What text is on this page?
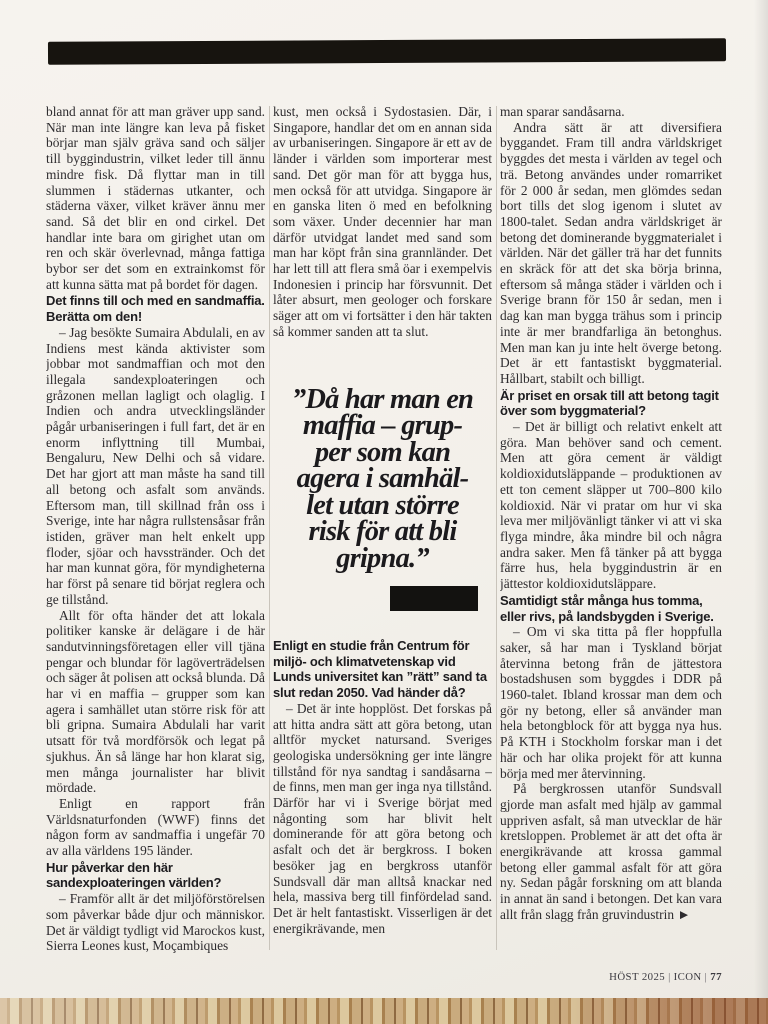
bland annat för att man gräver upp sand. När man inte längre kan leva på fisket börjar man själv gräva sand och säljer till byggindustrin, vilket leder till ännu mindre fisk. Då flyttar man in till slummen i städernas utkanter, och städerna växer, vilket kräver ännu mer sand. Så det blir en ond cirkel. Det handlar inte bara om girighet utan om ren och skär överlevnad, många fattiga bybor ser det som en extrainkomst för att kunna sätta mat på bordet för dagen.

Det finns till och med en sandmaffia. Berätta om den!

– Jag besökte Sumaira Abdulali, en av Indiens mest kända aktivister som jobbar mot sandmaffian och mot den illegala sandexploateringen och gråzonen mellan lagligt och olaglig. I Indien och andra utvecklingsländer pågår urbaniseringen i full fart, det är en enorm inflyttning till Mumbai, Bengaluru, New Delhi och så vidare. Det har gjort att man måste ha sand till all betong och asfalt som används. Eftersom man, till skillnad från oss i Sverige, inte har några rullstensåsar från istiden, gräver man helt enkelt upp floder, sjöar och havsstränder. Och det har man kunnat göra, för myndigheterna har först på senare tid börjat reglera och ge tillstånd.

Allt för ofta händer det att lokala politiker kanske är delägare i de här sandutvinningsföretagen eller vill tjäna pengar och blundar för lagöverträdelsen och säger åt polisen att också blunda. Då har vi en maffia – grupper som kan agera i samhället utan större risk för att bli gripna. Sumaira Abdulali har varit utsatt för två mordförsök och legat på sjukhus. Än så länge har hon klarat sig, men många journalister har blivit mördade.

Enligt en rapport från Världsnaturfonden (WWF) finns det någon form av sandmaffia i ungefär 70 av alla världens 195 länder.

Hur påverkar den här sandexploateringen världen?

– Framför allt är det miljöförstörelsen som påverkar både djur och människor. Det är väldigt tydligt vid Marockos kust, Sierra Leones kust, Moçambiques

kust, men också i Sydostasien. Där, i Singapore, handlar det om en annan sida av urbaniseringen. Singapore är ett av de länder i världen som importerar mest sand. Det gör man för att bygga hus, men också för att utvidga. Singapore är en ganska liten ö med en befolkning som växer. Under decennier har man därför utvidgat landet med sand som man har köpt från sina grannländer. Det har lett till att flera små öar i exempelvis Indonesien i princip har försvunnit. Det låter absurt, men geologer och forskare säger att om vi fortsätter i den här takten så kommer sanden att ta slut.

”Då har man en
maffia – grup-
per som kan
agera i samhäl-
let utan större
risk för att bli
gripna.”

Enligt en studie från Centrum för miljö- och klimatvetenskap vid Lunds universitet kan ”rätt” sand ta slut redan 2050. Vad händer då?

– Det är inte hopplöst. Det forskas på att hitta andra sätt att göra betong, utan alltför mycket natursand. Sveriges geologiska undersökning ger inte längre tillstånd för nya sandtag i sandåsarna – de finns, men man ger inga nya tillstånd. Därför har vi i Sverige börjat med någonting som har blivit helt dominerande för att göra betong och asfalt och det är bergkross. I boken besöker jag en bergkross utanför Sundsvall där man alltså knackar ned hela, massiva berg till finfördelad sand. Det är helt fantastiskt. Visserligen är det energikrävande, men

man sparar sandåsarna.

Andra sätt är att diversifiera byggandet. Fram till andra världskriget byggdes det mesta i världen av tegel och trä. Betong användes under romarriket för 2 000 år sedan, men glömdes sedan bort tills det slog igenom i slutet av 1800-talet. Sedan andra världskriget är betong det dominerande byggmaterialet i världen. När det gäller trä har det funnits en skräck för att det ska börja brinna, eftersom så många städer i världen och i Sverige brann för 150 år sedan, men i dag kan man bygga trähus som i princip inte är mer brandfarliga än betonghus. Men man kan ju inte helt överge betong. Det är ett fantastiskt byggmaterial. Hållbart, stabilt och billigt.

Är priset en orsak till att betong tagit över som byggmaterial?

– Det är billigt och relativt enkelt att göra. Man behöver sand och cement. Men att göra cement är väldigt koldioxidutsläppande – produktionen av ett ton cement släpper ut 700–800 kilo koldioxid. När vi pratar om hur vi ska leva mer miljövänligt tänker vi att vi ska flyga mindre, åka mindre bil och några andra saker. Men få tänker på att bygga färre hus, hela byggindustrin är en jättestor koldioxidutsläppare.

Samtidigt står många hus tomma, eller rivs, på landsbygden i Sverige.

– Om vi ska titta på fler hoppfulla saker, så har man i Tyskland börjat återvinna betong från de jättestora bostadshusen som byggdes i DDR på 1960-talet. Ibland krossar man dem och gör ny betong, eller så använder man hela betongblock för att bygga nya hus. På KTH i Stockholm forskar man i det här och har olika projekt för att kunna börja med mer återvinning.

På bergkrossen utanför Sundsvall gjorde man asfalt med hjälp av gammal uppriven asfalt, så man utvecklar de här kretsloppen. Problemet är att det ofta är energikrävande att krossa gammal betong eller gammal asfalt för att göra ny. Sedan pågår forskning om att blanda in annat än sand i betongen. Det kan vara allt från slagg från gruvindustrin ►

HÖST 2025 | ICON | 77
